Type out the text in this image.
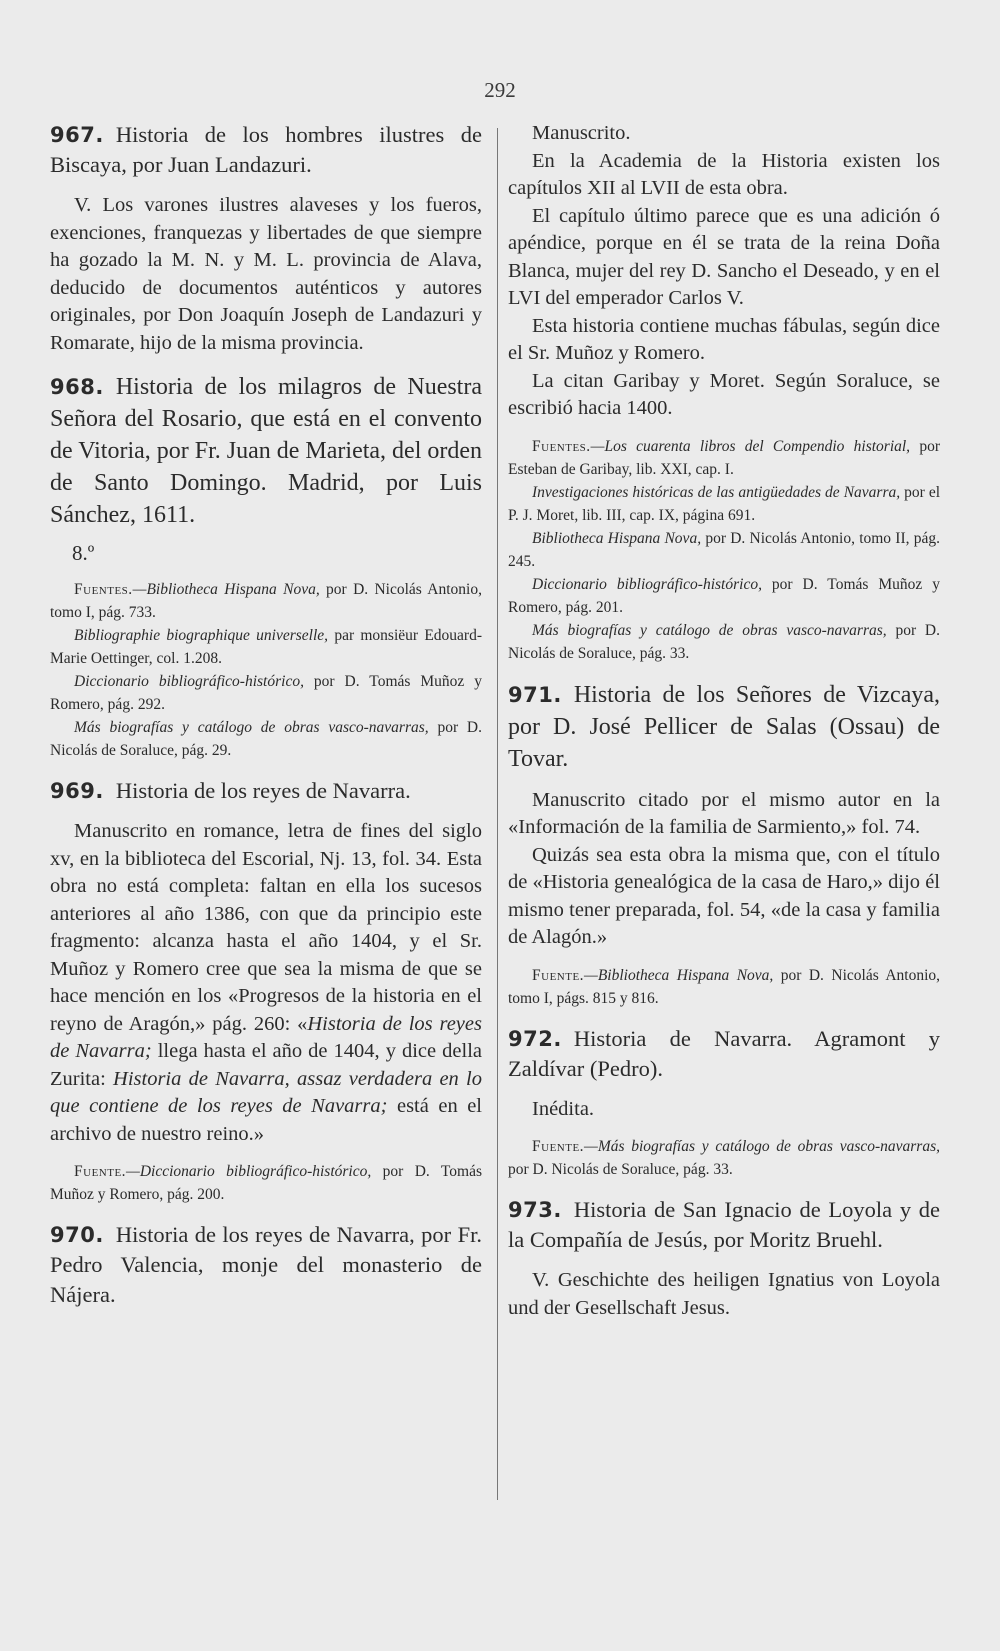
292

967. Historia de los hombres ilustres de Biscaya, por Juan Landazuri.

V. Los varones ilustres alaveses y los fueros, exenciones, franquezas y libertades de que siempre ha gozado la M. N. y M. L. provincia de Alava, deducido de documentos auténticos y autores originales, por Don Joaquín Joseph de Landazuri y Romarate, hijo de la misma provincia.

968. Historia de los milagros de Nuestra Señora del Rosario, que está en el convento de Vitoria, por Fr. Juan de Marieta, del orden de Santo Domingo. Madrid, por Luis Sánchez, 1611.

8.º

Fuentes.—Bibliotheca Hispana Nova, por D. Nicolás Antonio, tomo I, pág. 733.

Bibliographie biographique universelle, par monsiëur Edouard-Marie Oettinger, col. 1.208.

Diccionario bibliográfico-histórico, por D. Tomás Muñoz y Romero, pág. 292.

Más biografías y catálogo de obras vasco-navarras, por D. Nicolás de Soraluce, pág. 29.

969. Historia de los reyes de Navarra.

Manuscrito en romance, letra de fines del siglo xv, en la biblioteca del Escorial, Nj. 13, fol. 34. Esta obra no está completa: faltan en ella los sucesos anteriores al año 1386, con que da principio este fragmento: alcanza hasta el año 1404, y el Sr. Muñoz y Romero cree que sea la misma de que se hace mención en los «Progresos de la historia en el reyno de Aragón,» pág. 260: «Historia de los reyes de Navarra; llega hasta el año de 1404, y dice della Zurita: Historia de Navarra, assaz verdadera en lo que contiene de los reyes de Navarra; está en el archivo de nuestro reino.»

Fuente.—Diccionario bibliográfico-histórico, por D. Tomás Muñoz y Romero, pág. 200.

970. Historia de los reyes de Navarra, por Fr. Pedro Valencia, monje del monasterio de Nájera.

Manuscrito.

En la Academia de la Historia existen los capítulos XII al LVII de esta obra.

El capítulo último parece que es una adición ó apéndice, porque en él se trata de la reina Doña Blanca, mujer del rey D. Sancho el Deseado, y en el LVI del emperador Carlos V.

Esta historia contiene muchas fábulas, según dice el Sr. Muñoz y Romero.

La citan Garibay y Moret. Según Soraluce, se escribió hacia 1400.

Fuentes.—Los cuarenta libros del Compendio historial, por Esteban de Garibay, lib. XXI, cap. I.

Investigaciones históricas de las antigüedades de Navarra, por el P. J. Moret, lib. III, cap. IX, página 691.

Bibliotheca Hispana Nova, por D. Nicolás Antonio, tomo II, pág. 245.

Diccionario bibliográfico-histórico, por D. Tomás Muñoz y Romero, pág. 201.

Más biografías y catálogo de obras vasco-navarras, por D. Nicolás de Soraluce, pág. 33.

971. Historia de los Señores de Vizcaya, por D. José Pellicer de Salas (Ossau) de Tovar.

Manuscrito citado por el mismo autor en la «Información de la familia de Sarmiento,» fol. 74.

Quizás sea esta obra la misma que, con el título de «Historia genealógica de la casa de Haro,» dijo él mismo tener preparada, fol. 54, «de la casa y familia de Alagón.»

Fuente.—Bibliotheca Hispana Nova, por D. Nicolás Antonio, tomo I, págs. 815 y 816.

972. Historia de Navarra. Agramont y Zaldívar (Pedro).

Inédita.

Fuente.—Más biografías y catálogo de obras vasco-navarras, por D. Nicolás de Soraluce, pág. 33.

973. Historia de San Ignacio de Loyola y de la Compañía de Jesús, por Moritz Bruehl.

V. Geschichte des heiligen Ignatius von Loyola und der Gesellschaft Jesus.
